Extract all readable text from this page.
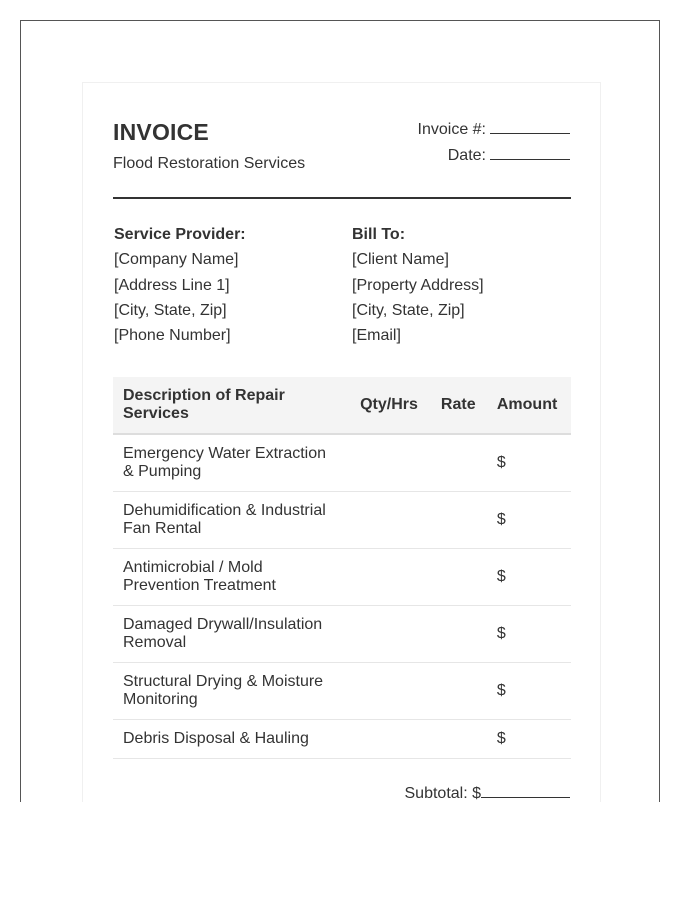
INVOICE
Flood Restoration Services
Invoice #:
Date:
Service Provider:
[Company Name]
[Address Line 1]
[City, State, Zip]
[Phone Number]
Bill To:
[Client Name]
[Property Address]
[City, State, Zip]
[Email]
Description of Repair Services	Qty/Hrs	Rate	Amount
Emergency Water Extraction & Pumping			$
Dehumidification & Industrial Fan Rental			$
Antimicrobial / Mold Prevention Treatment			$
Damaged Drywall/Insulation Removal			$
Structural Drying & Moisture Monitoring			$
Debris Disposal & Hauling			$
Subtotal: $
